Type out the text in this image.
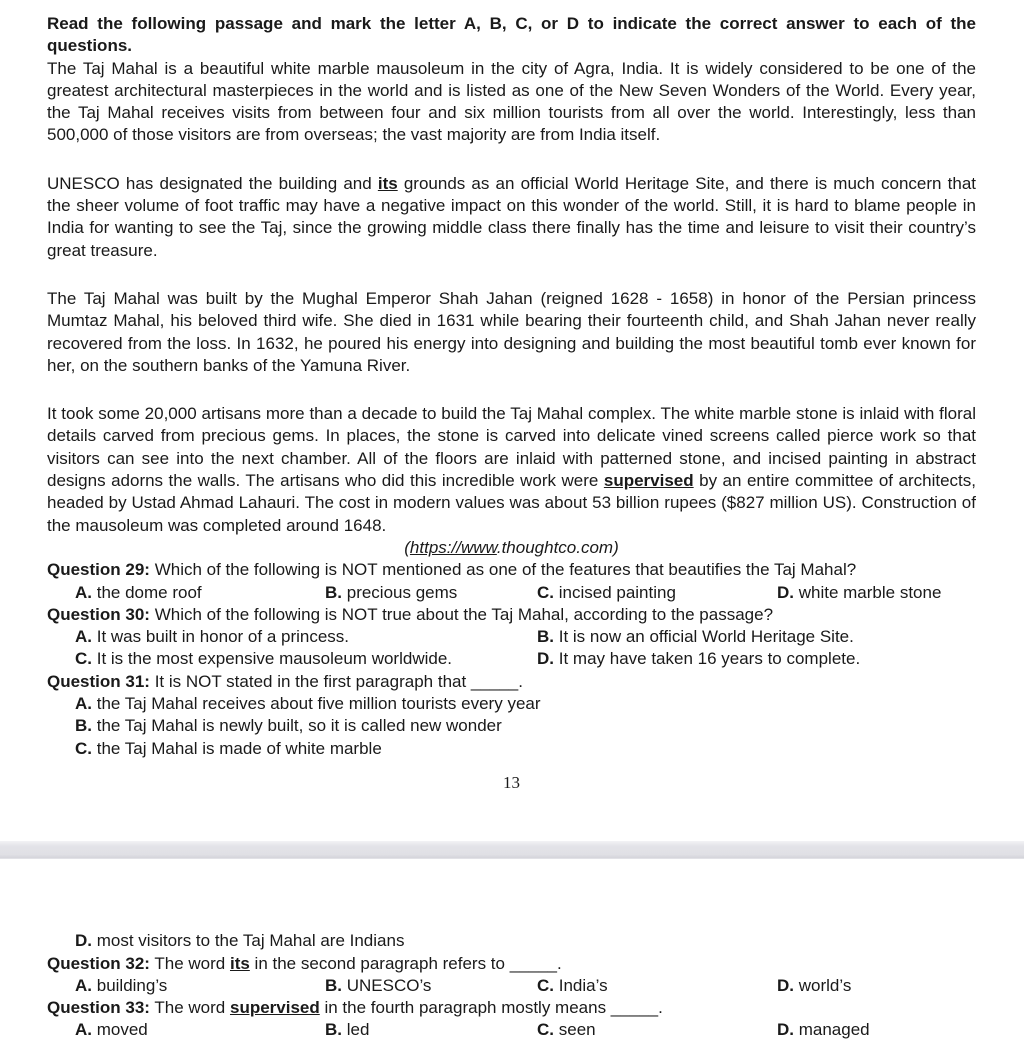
Read the following passage and mark the letter A, B, C, or D to indicate the correct answer to each of the questions.

The Taj Mahal is a beautiful white marble mausoleum in the city of Agra, India. It is widely considered to be one of the greatest architectural masterpieces in the world and is listed as one of the New Seven Wonders of the World. Every year, the Taj Mahal receives visits from between four and six million tourists from all over the world. Interestingly, less than 500,000 of those visitors are from overseas; the vast majority are from India itself.

UNESCO has designated the building and its grounds as an official World Heritage Site, and there is much concern that the sheer volume of foot traffic may have a negative impact on this wonder of the world. Still, it is hard to blame people in India for wanting to see the Taj, since the growing middle class there finally has the time and leisure to visit their country’s great treasure.

The Taj Mahal was built by the Mughal Emperor Shah Jahan (reigned 1628 - 1658) in honor of the Persian princess Mumtaz Mahal, his beloved third wife. She died in 1631 while bearing their fourteenth child, and Shah Jahan never really recovered from the loss. In 1632, he poured his energy into designing and building the most beautiful tomb ever known for her, on the southern banks of the Yamuna River.

It took some 20,000 artisans more than a decade to build the Taj Mahal complex. The white marble stone is inlaid with floral details carved from precious gems. In places, the stone is carved into delicate vined screens called pierce work so that visitors can see into the next chamber. All of the floors are inlaid with patterned stone, and incised painting in abstract designs adorns the walls. The artisans who did this incredible work were supervised by an entire committee of architects, headed by Ustad Ahmad Lahauri. The cost in modern values was about 53 billion rupees ($827 million US). Construction of the mausoleum was completed around 1648.

(https://www.thoughtco.com)

Question 29: Which of the following is NOT mentioned as one of the features that beautifies the Taj Mahal?
A. the dome roof	B. precious gems	C. incised painting	D. white marble stone
Question 30: Which of the following is NOT true about the Taj Mahal, according to the passage?
A. It was built in honor of a princess.	B. It is now an official World Heritage Site.
C. It is the most expensive mausoleum worldwide.	D. It may have taken 16 years to complete.
Question 31: It is NOT stated in the first paragraph that _____.
A. the Taj Mahal receives about five million tourists every year
B. the Taj Mahal is newly built, so it is called new wonder
C. the Taj Mahal is made of white marble
13
D. most visitors to the Taj Mahal are Indians
Question 32: The word its in the second paragraph refers to _____.
A. building’s	B. UNESCO’s	C. India’s	D. world’s
Question 33: The word supervised in the fourth paragraph mostly means _____.
A. moved	B. led	C. seen	D. managed
